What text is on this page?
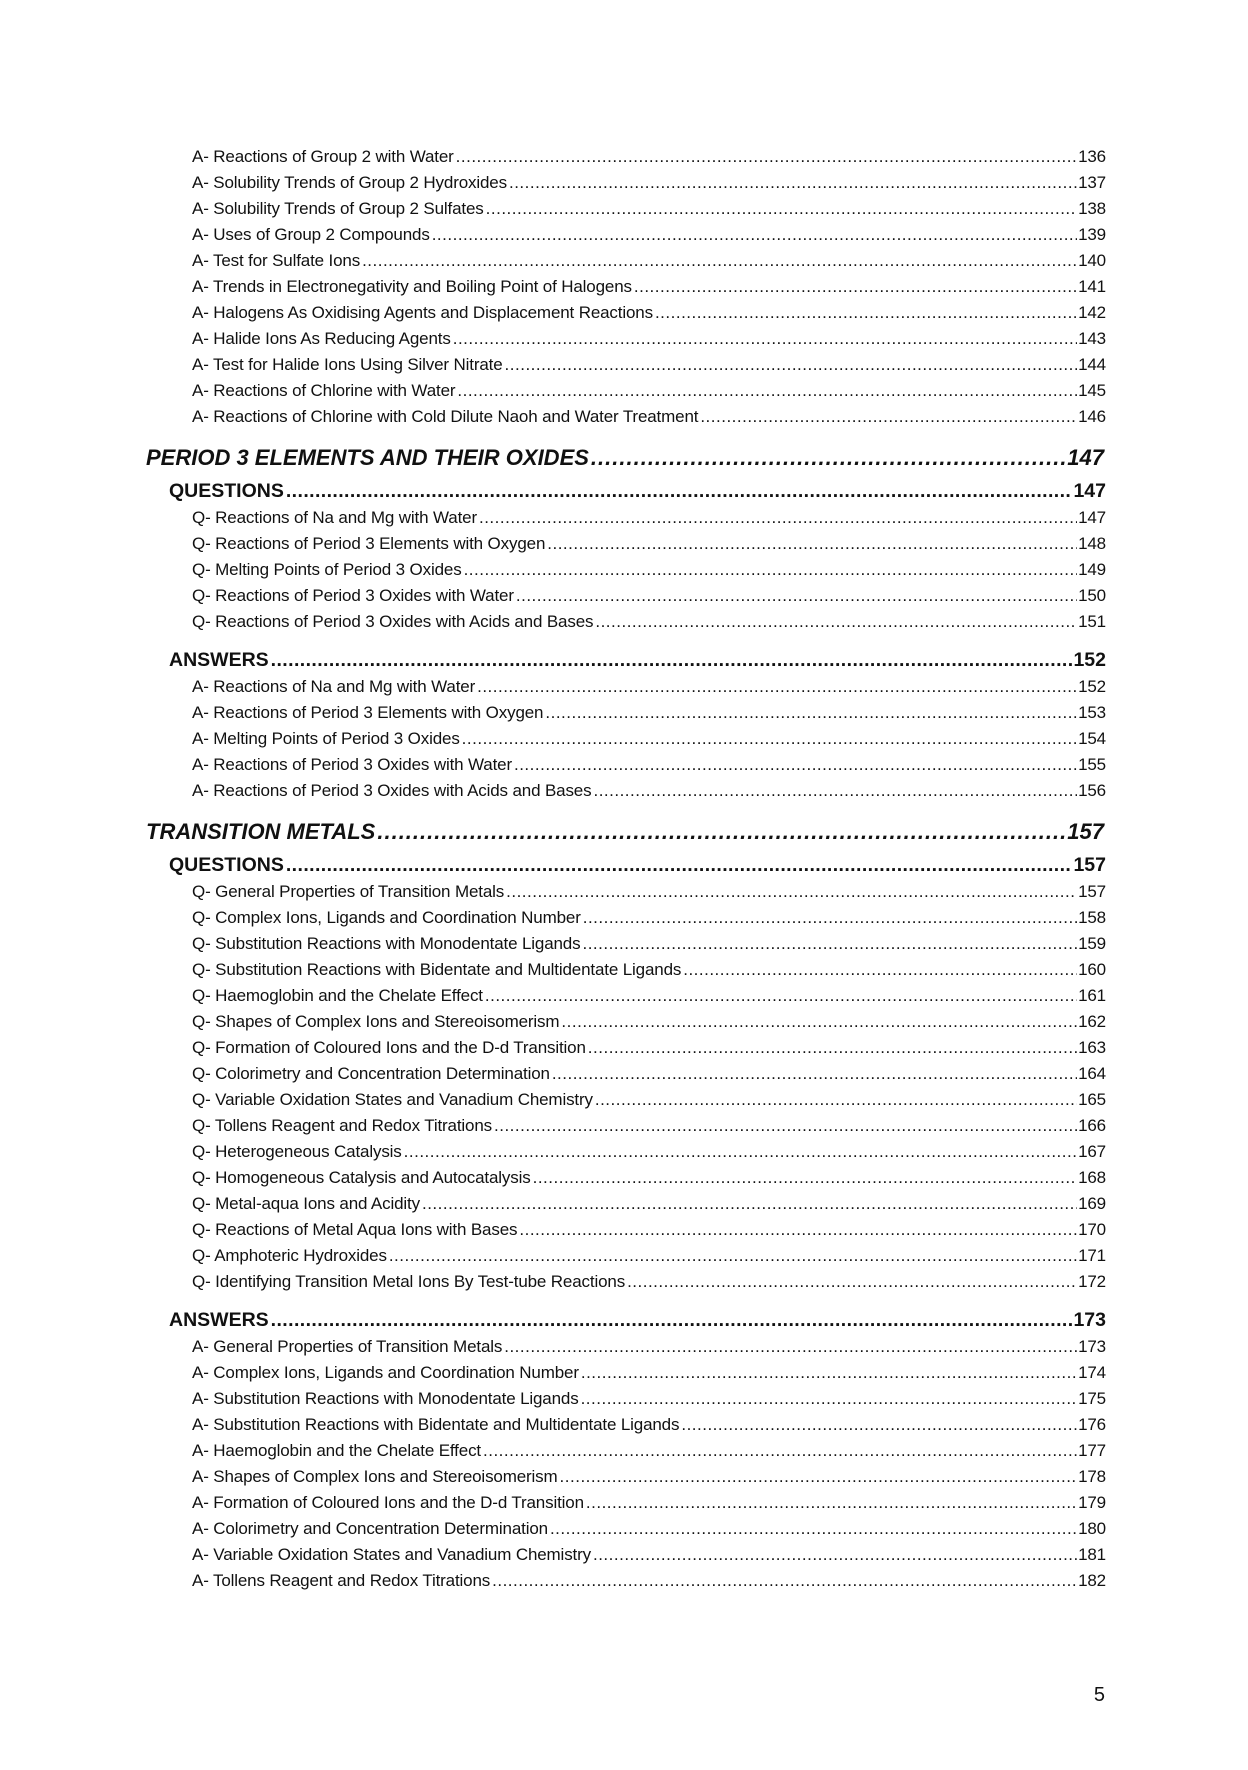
A- Reactions of Group 2 with Water .....	136
A- Solubility Trends of Group 2 Hydroxides .....	137
A- Solubility Trends of Group 2 Sulfates .....	138
A- Uses of Group 2 Compounds .....	139
A- Test for Sulfate Ions .....	140
A- Trends in Electronegativity and Boiling Point of Halogens .....	141
A- Halogens As Oxidising Agents and Displacement Reactions .....	142
A- Halide Ions As Reducing Agents .....	143
A- Test for Halide Ions Using Silver Nitrate .....	144
A- Reactions of Chlorine with Water .....	145
A- Reactions of Chlorine with Cold Dilute Naoh and Water Treatment .....	146
PERIOD 3 ELEMENTS AND THEIR OXIDES .....	147
QUESTIONS .....	147
Q- Reactions of Na and Mg with Water .....	147
Q- Reactions of Period 3 Elements with Oxygen .....	148
Q- Melting Points of Period 3 Oxides .....	149
Q- Reactions of Period 3 Oxides with Water .....	150
Q- Reactions of Period 3 Oxides with Acids and Bases .....	151
ANSWERS .....	152
A- Reactions of Na and Mg with Water .....	152
A- Reactions of Period 3 Elements with Oxygen .....	153
A- Melting Points of Period 3 Oxides .....	154
A- Reactions of Period 3 Oxides with Water .....	155
A- Reactions of Period 3 Oxides with Acids and Bases .....	156
TRANSITION METALS .....	157
QUESTIONS .....	157
Q- General Properties of Transition Metals .....	157
Q- Complex Ions, Ligands and Coordination Number .....	158
Q- Substitution Reactions with Monodentate Ligands .....	159
Q- Substitution Reactions with Bidentate and Multidentate Ligands .....	160
Q- Haemoglobin and the Chelate Effect .....	161
Q- Shapes of Complex Ions and Stereoisomerism .....	162
Q- Formation of Coloured Ions and the D-d Transition .....	163
Q- Colorimetry and Concentration Determination .....	164
Q- Variable Oxidation States and Vanadium Chemistry .....	165
Q- Tollens Reagent and Redox Titrations .....	166
Q- Heterogeneous Catalysis .....	167
Q- Homogeneous Catalysis and Autocatalysis .....	168
Q- Metal-aqua Ions and Acidity .....	169
Q- Reactions of Metal Aqua Ions with Bases .....	170
Q- Amphoteric Hydroxides .....	171
Q- Identifying Transition Metal Ions By Test-tube Reactions .....	172
ANSWERS .....	173
A- General Properties of Transition Metals .....	173
A- Complex Ions, Ligands and Coordination Number .....	174
A- Substitution Reactions with Monodentate Ligands .....	175
A- Substitution Reactions with Bidentate and Multidentate Ligands .....	176
A- Haemoglobin and the Chelate Effect .....	177
A- Shapes of Complex Ions and Stereoisomerism .....	178
A- Formation of Coloured Ions and the D-d Transition .....	179
A- Colorimetry and Concentration Determination .....	180
A- Variable Oxidation States and Vanadium Chemistry .....	181
A- Tollens Reagent and Redox Titrations .....	182
5
